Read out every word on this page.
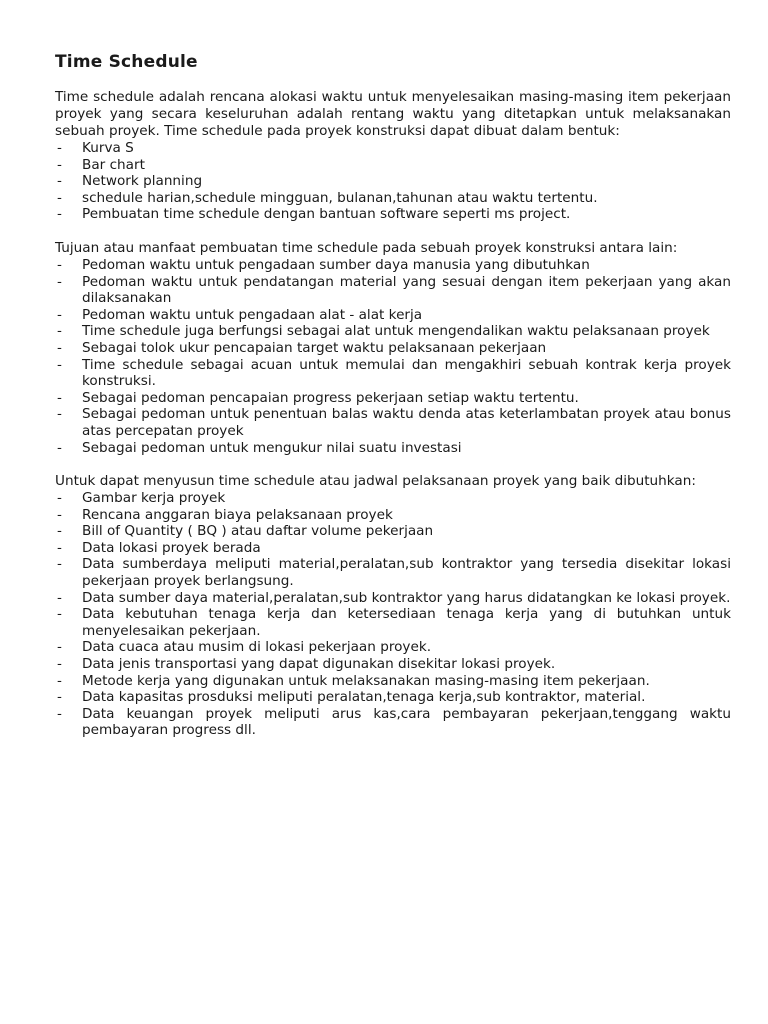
Time Schedule

Time schedule adalah rencana alokasi waktu untuk menyelesaikan masing-masing item pekerjaan proyek yang secara keseluruhan adalah rentang waktu yang ditetapkan untuk melaksanakan sebuah proyek. Time schedule pada proyek konstruksi dapat dibuat dalam bentuk:

- Kurva S
- Bar chart
- Network planning
- schedule harian,schedule mingguan, bulanan,tahunan atau waktu tertentu.
- Pembuatan time schedule dengan bantuan software seperti ms project.

Tujuan atau manfaat pembuatan time schedule pada sebuah proyek konstruksi antara lain:

- Pedoman waktu untuk pengadaan sumber daya manusia yang dibutuhkan
- Pedoman waktu untuk pendatangan material yang sesuai dengan item pekerjaan yang akan dilaksanakan
- Pedoman waktu untuk pengadaan alat - alat kerja
- Time schedule juga berfungsi sebagai alat untuk mengendalikan waktu pelaksanaan proyek
- Sebagai tolok ukur pencapaian target waktu pelaksanaan pekerjaan
- Time schedule sebagai acuan untuk memulai dan mengakhiri sebuah kontrak kerja proyek konstruksi.
- Sebagai pedoman pencapaian progress pekerjaan setiap waktu tertentu.
- Sebagai pedoman untuk penentuan balas waktu denda atas keterlambatan proyek atau bonus atas percepatan proyek
- Sebagai pedoman untuk mengukur nilai suatu investasi

Untuk dapat menyusun time schedule atau jadwal pelaksanaan proyek yang baik dibutuhkan:

- Gambar kerja proyek
- Rencana anggaran biaya pelaksanaan proyek
- Bill of Quantity ( BQ ) atau daftar volume pekerjaan
- Data lokasi proyek berada
- Data sumberdaya meliputi material,peralatan,sub kontraktor yang tersedia disekitar lokasi pekerjaan proyek berlangsung.
- Data sumber daya material,peralatan,sub kontraktor yang harus didatangkan ke lokasi proyek.
- Data kebutuhan tenaga kerja dan ketersediaan tenaga kerja yang di butuhkan untuk menyelesaikan pekerjaan.
- Data cuaca atau musim di lokasi pekerjaan proyek.
- Data jenis transportasi yang dapat digunakan disekitar lokasi proyek.
- Metode kerja yang digunakan untuk melaksanakan masing-masing item pekerjaan.
- Data kapasitas prosduksi meliputi peralatan,tenaga kerja,sub kontraktor, material.
- Data keuangan proyek meliputi arus kas,cara pembayaran pekerjaan,tenggang waktu pembayaran progress dll.
